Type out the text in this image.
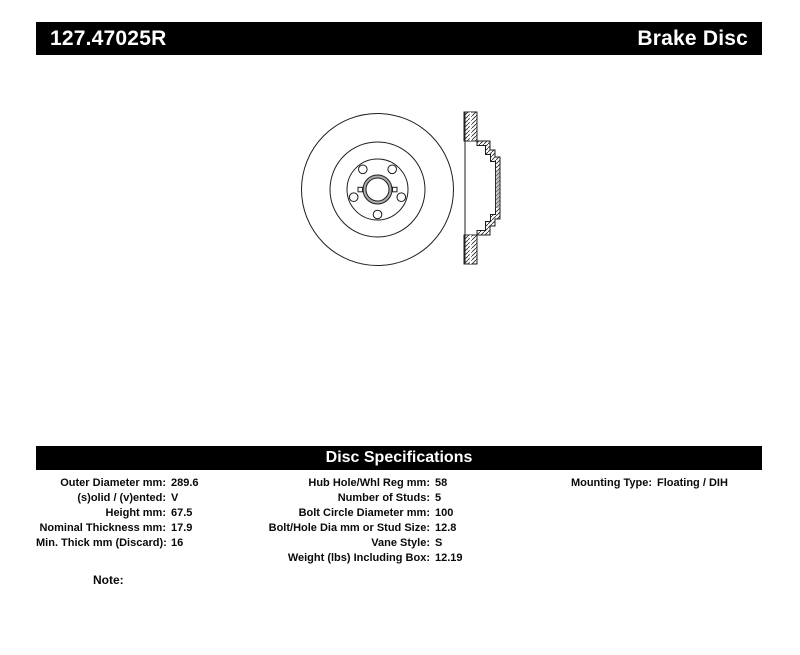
127.47025R	Brake Disc
Disc Specifications
Outer Diameter mm: 289.6
(s)olid / (v)ented: V
Height mm: 67.5
Nominal Thickness mm: 17.9
Min. Thick mm (Discard): 16
Hub Hole/Whl Reg mm: 58
Number of Studs: 5
Bolt Circle Diameter mm: 100
Bolt/Hole Dia mm or Stud Size: 12.8
Vane Style: S
Weight (lbs) Including Box: 12.19
Mounting Type: Floating / DIH
Note:
